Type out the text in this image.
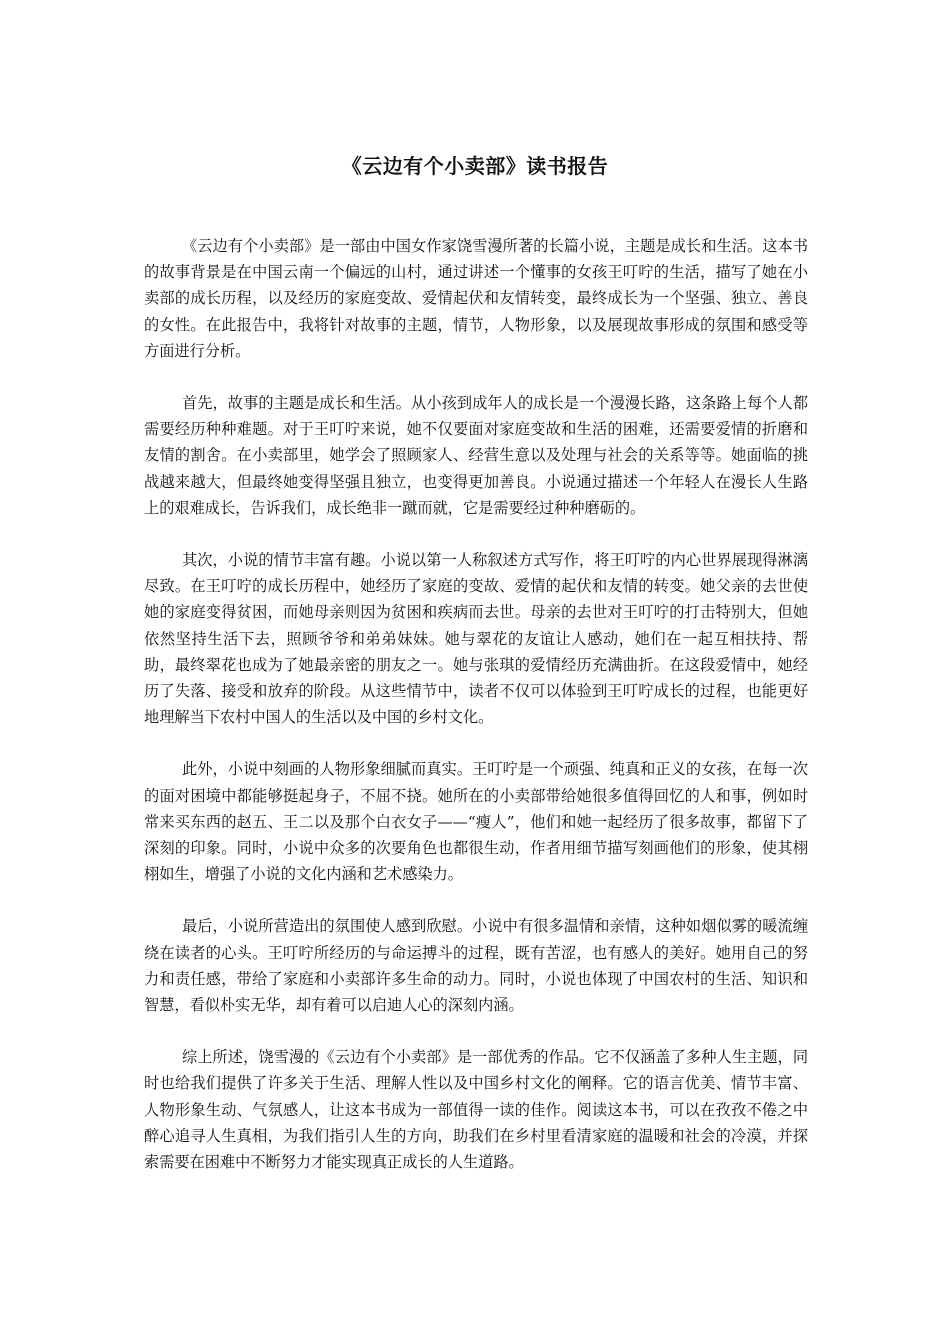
《云边有个小卖部》读书报告

《云边有个小卖部》是一部由中国女作家饶雪漫所著的长篇小说，主题是成长和生活。这本书的故事背景是在中国云南一个偏远的山村，通过讲述一个懂事的女孩王叮咛的生活，描写了她在小卖部的成长历程，以及经历的家庭变故、爱情起伏和友情转变，最终成长为一个坚强、独立、善良的女性。在此报告中，我将针对故事的主题，情节，人物形象，以及展现故事形成的氛围和感受等方面进行分析。

首先，故事的主题是成长和生活。从小孩到成年人的成长是一个漫漫长路，这条路上每个人都需要经历种种难题。对于王叮咛来说，她不仅要面对家庭变故和生活的困难，还需要爱情的折磨和友情的割舍。在小卖部里，她学会了照顾家人、经营生意以及处理与社会的关系等等。她面临的挑战越来越大，但最终她变得坚强且独立，也变得更加善良。小说通过描述一个年轻人在漫长人生路上的艰难成长，告诉我们，成长绝非一蹴而就，它是需要经过种种磨砺的。

其次，小说的情节丰富有趣。小说以第一人称叙述方式写作，将王叮咛的内心世界展现得淋漓尽致。在王叮咛的成长历程中，她经历了家庭的变故、爱情的起伏和友情的转变。她父亲的去世使她的家庭变得贫困，而她母亲则因为贫困和疾病而去世。母亲的去世对王叮咛的打击特别大，但她依然坚持生活下去，照顾爷爷和弟弟妹妹。她与翠花的友谊让人感动，她们在一起互相扶持、帮助，最终翠花也成为了她最亲密的朋友之一。她与张琪的爱情经历充满曲折。在这段爱情中，她经历了失落、接受和放弃的阶段。从这些情节中，读者不仅可以体验到王叮咛成长的过程，也能更好地理解当下农村中国人的生活以及中国的乡村文化。

此外，小说中刻画的人物形象细腻而真实。王叮咛是一个顽强、纯真和正义的女孩，在每一次的面对困境中都能够挺起身子，不屈不挠。她所在的小卖部带给她很多值得回忆的人和事，例如时常来买东西的赵五、王二以及那个白衣女子——“瘦人”，他们和她一起经历了很多故事，都留下了深刻的印象。同时，小说中众多的次要角色也都很生动，作者用细节描写刻画他们的形象，使其栩栩如生，增强了小说的文化内涵和艺术感染力。

最后，小说所营造出的氛围使人感到欣慰。小说中有很多温情和亲情，这种如烟似雾的暖流缠绕在读者的心头。王叮咛所经历的与命运搏斗的过程，既有苦涩，也有感人的美好。她用自己的努力和责任感，带给了家庭和小卖部许多生命的动力。同时，小说也体现了中国农村的生活、知识和智慧，看似朴实无华，却有着可以启迪人心的深刻内涵。

综上所述，饶雪漫的《云边有个小卖部》是一部优秀的作品。它不仅涵盖了多种人生主题，同时也给我们提供了许多关于生活、理解人性以及中国乡村文化的阐释。它的语言优美、情节丰富、人物形象生动、气氛感人，让这本书成为一部值得一读的佳作。阅读这本书，可以在孜孜不倦之中醉心追寻人生真相，为我们指引人生的方向，助我们在乡村里看清家庭的温暖和社会的冷漠，并探索需要在困难中不断努力才能实现真正成长的人生道路。
